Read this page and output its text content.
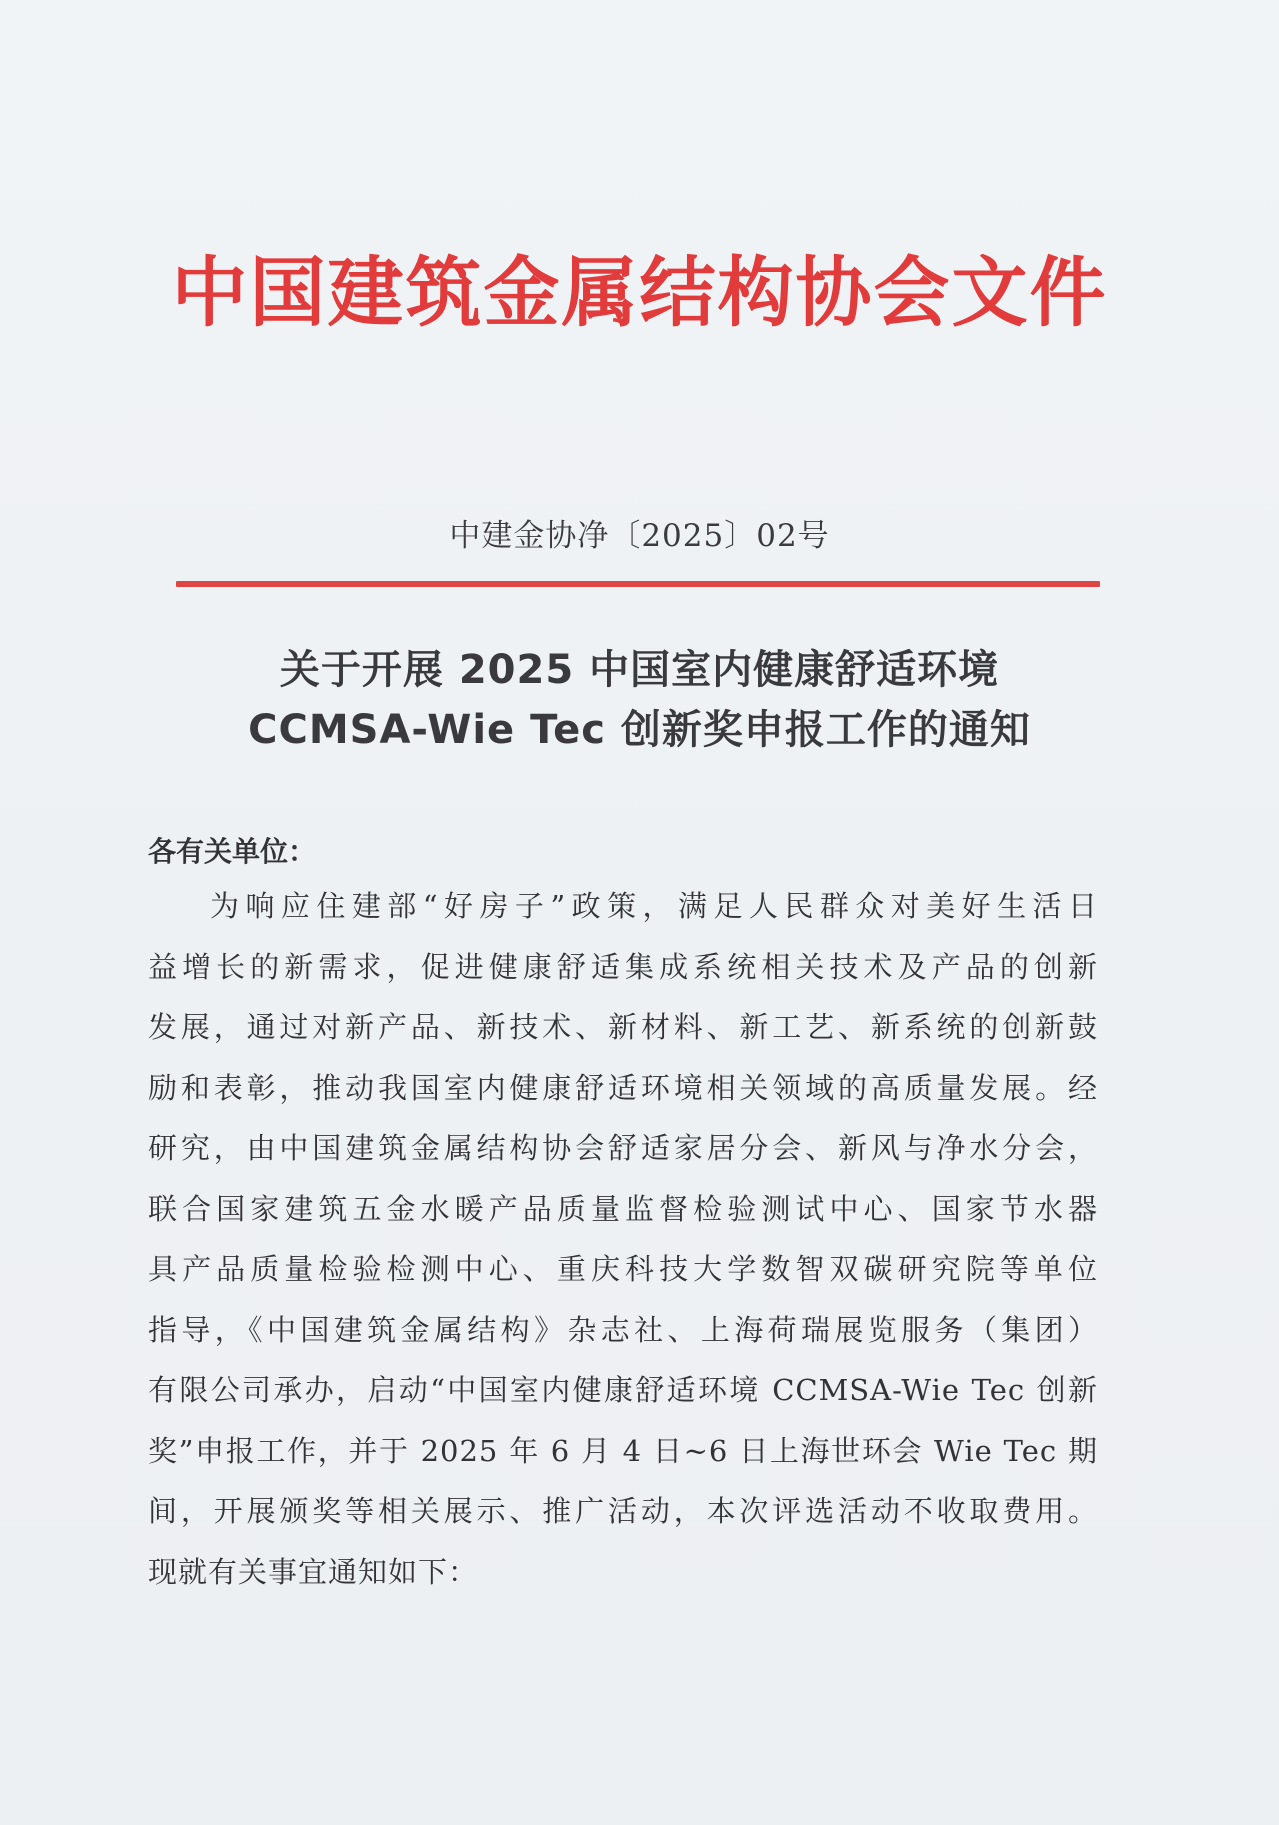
中国建筑金属结构协会文件
中建金协净〔2025〕02号
关于开展 2025 中国室内健康舒适环境
CCMSA-Wie Tec 创新奖申报工作的通知
各有关单位：
为响应住建部“好房子”政策，满足人民群众对美好生活日
益增长的新需求，促进健康舒适集成系统相关技术及产品的创新
发展，通过对新产品、新技术、新材料、新工艺、新系统的创新鼓
励和表彰，推动我国室内健康舒适环境相关领域的高质量发展。经
研究，由中国建筑金属结构协会舒适家居分会、新风与净水分会，
联合国家建筑五金水暖产品质量监督检验测试中心、国家节水器
具产品质量检验检测中心、重庆科技大学数智双碳研究院等单位
指导，《中国建筑金属结构》杂志社、上海荷瑞展览服务（集团）
有限公司承办，启动“中国室内健康舒适环境 CCMSA-Wie Tec 创新
奖”申报工作，并于 2025 年 6 月 4 日~6 日上海世环会 Wie Tec 期
间，开展颁奖等相关展示、推广活动，本次评选活动不收取费用。
现就有关事宜通知如下：
